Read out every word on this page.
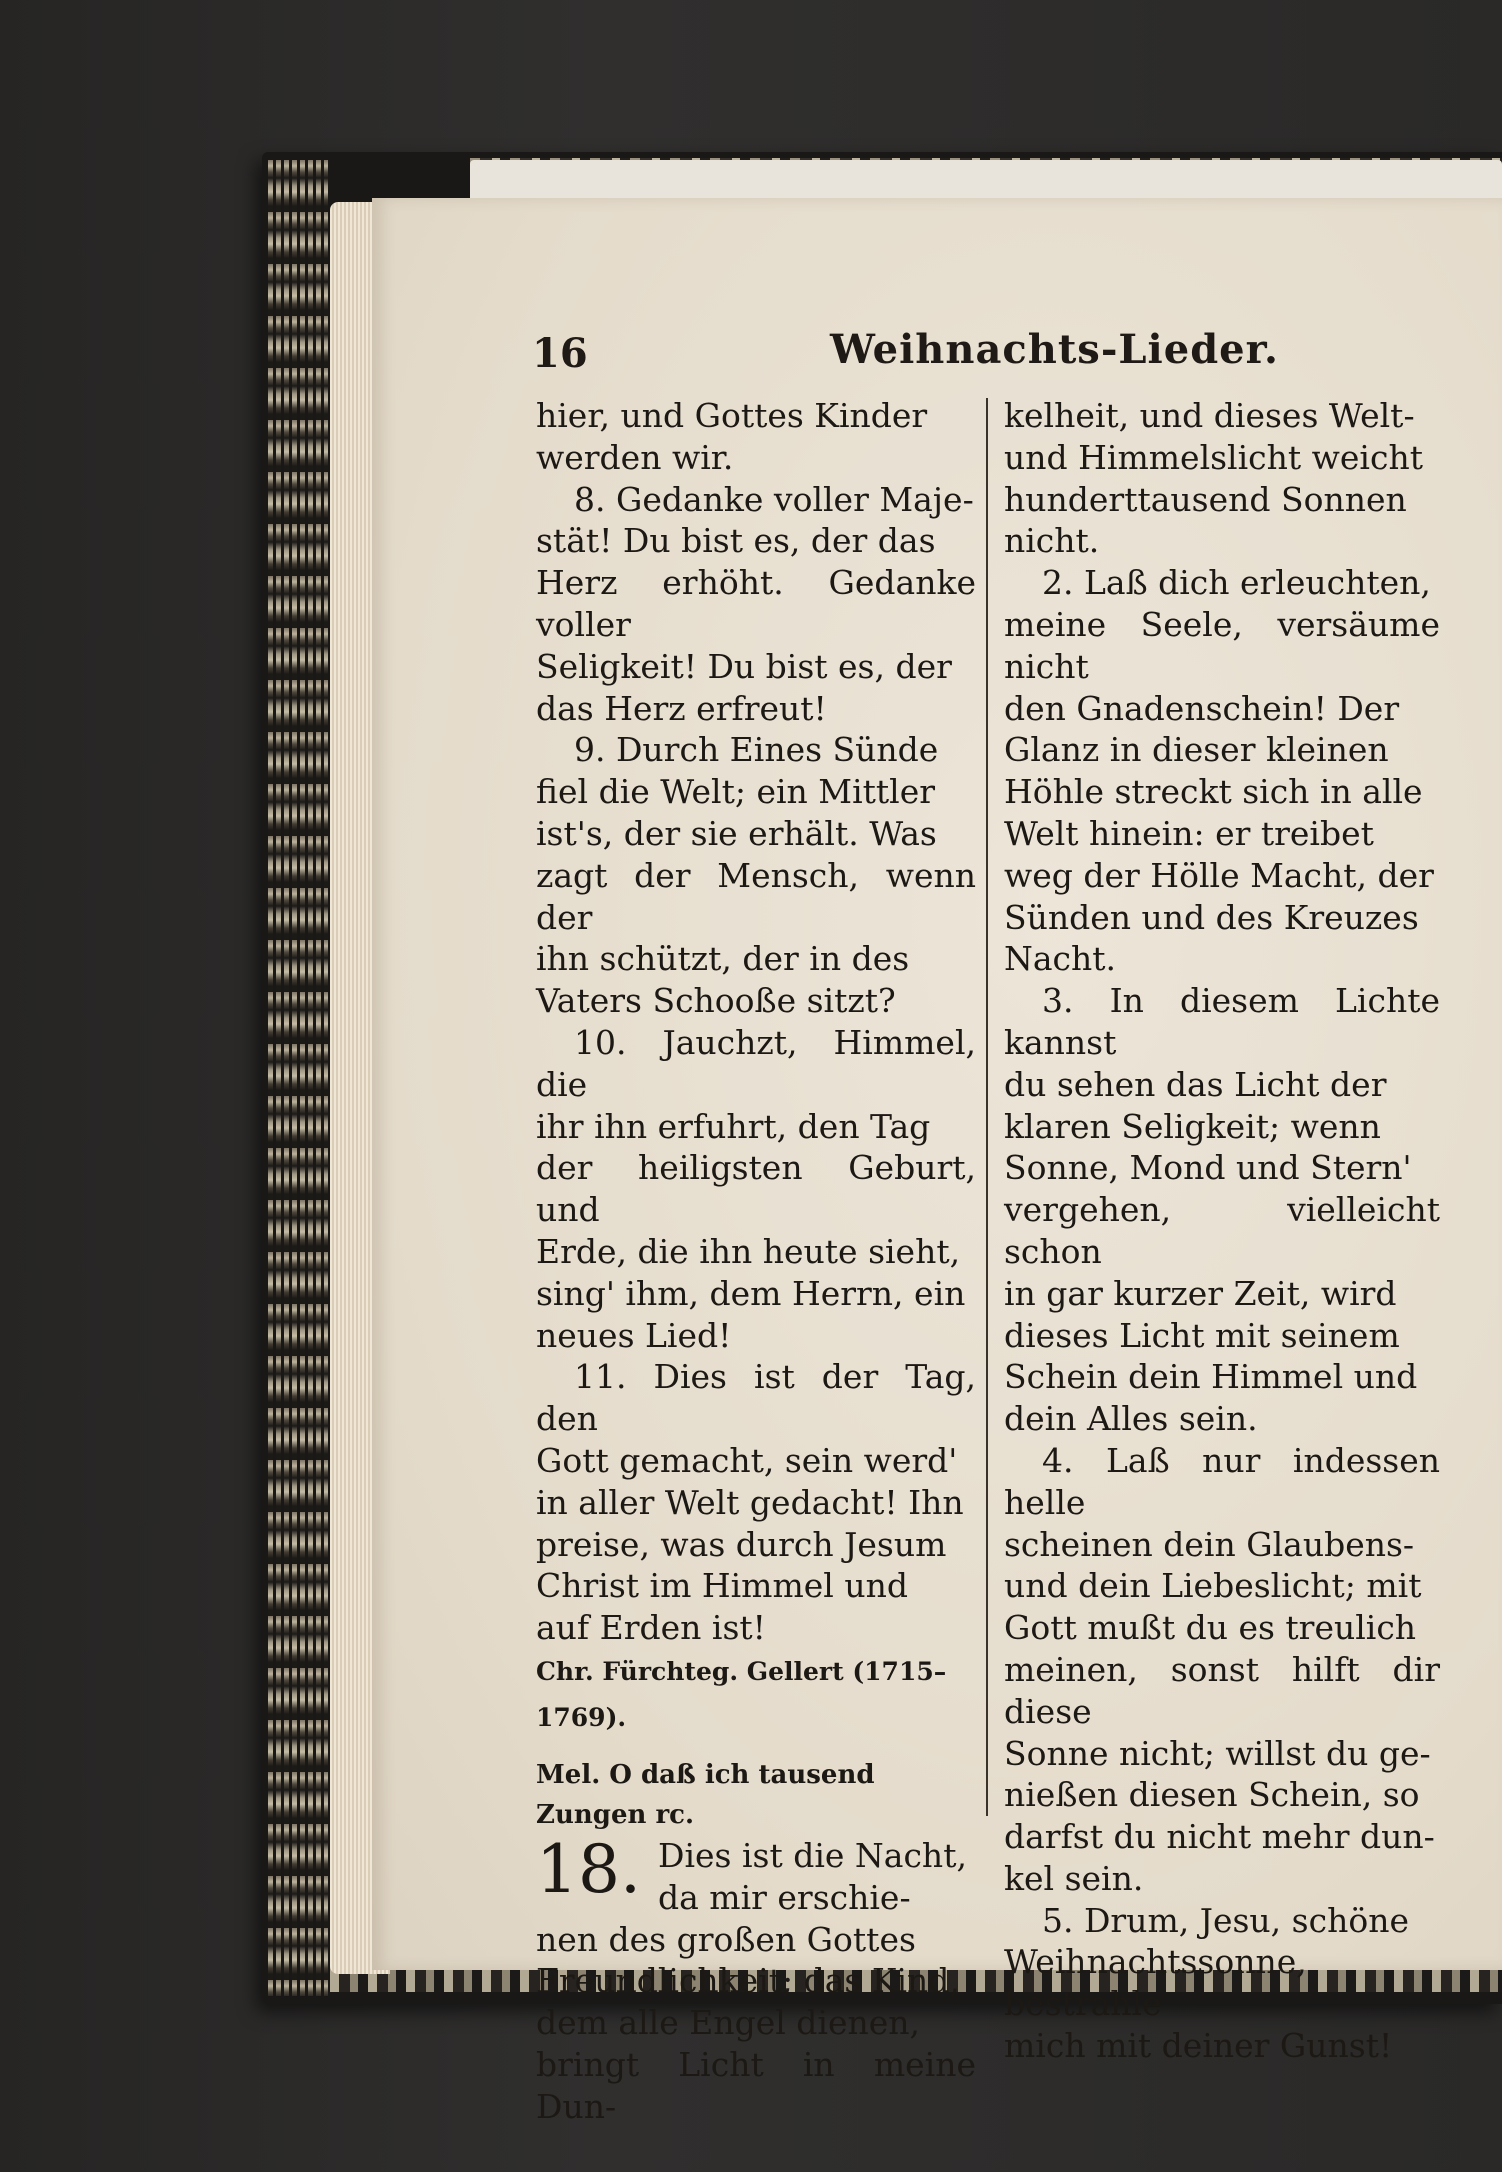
16	Weihnachts-Lieder.

hier, und Gottes Kinder

werden wir.

8. Gedanke voller Maje-

stät! Du bist es, der das

Herz erhöht. Gedanke voller

Seligkeit! Du bist es, der

das Herz erfreut!

9. Durch Eines Sünde

fiel die Welt; ein Mittler

ist's, der sie erhält. Was

zagt der Mensch, wenn der

ihn schützt, der in des

Vaters Schooße sitzt?

10. Jauchzt, Himmel, die

ihr ihn erfuhrt, den Tag

der heiligsten Geburt, und

Erde, die ihn heute sieht,

sing' ihm, dem Herrn, ein

neues Lied!

11. Dies ist der Tag, den

Gott gemacht, sein werd'

in aller Welt gedacht! Ihn

preise, was durch Jesum

Christ im Himmel und

auf Erden ist!

Chr. Fürchteg. Gellert (1715–1769).

Mel. O daß ich tausend Zungen rc.

18. Dies ist die Nacht,
da mir erschie-

nen des großen Gottes

Freundlichkeit; das Kind,

dem alle Engel dienen,

bringt Licht in meine Dun-

kelheit, und dieses Welt-

und Himmelslicht weicht

hunderttausend Sonnen

nicht.

2. Laß dich erleuchten,

meine Seele, versäume nicht

den Gnadenschein! Der

Glanz in dieser kleinen

Höhle streckt sich in alle

Welt hinein: er treibet

weg der Hölle Macht, der

Sünden und des Kreuzes

Nacht.

3. In diesem Lichte kannst

du sehen das Licht der

klaren Seligkeit; wenn

Sonne, Mond und Stern'

vergehen, vielleicht schon

in gar kurzer Zeit, wird

dieses Licht mit seinem

Schein dein Himmel und

dein Alles sein.

4. Laß nur indessen helle

scheinen dein Glaubens-

und dein Liebeslicht; mit

Gott mußt du es treulich

meinen, sonst hilft dir diese

Sonne nicht; willst du ge-

nießen diesen Schein, so

darfst du nicht mehr dun-

kel sein.

5. Drum, Jesu, schöne

Weihnachtssonne, bestrahle

mich mit deiner Gunst!
